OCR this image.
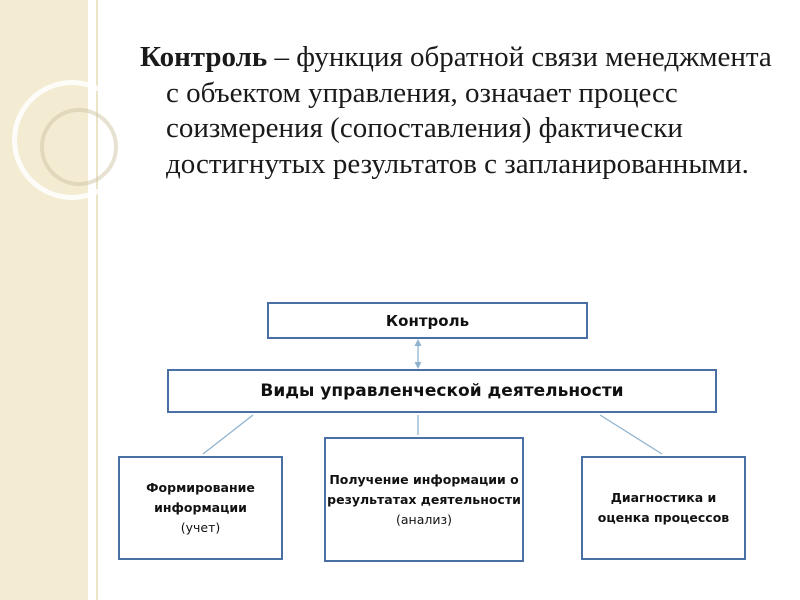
Контроль – функция обратной связи менеджмента с объектом управления, означает процесс соизмерения (сопоставления) фактически достигнутых результатов с запланированными.

Контроль
Виды управленческой деятельности
Формирование информации
(учет)
Получение информации о результатах деятельности
(анализ)
Диагностика и оценка процессов
